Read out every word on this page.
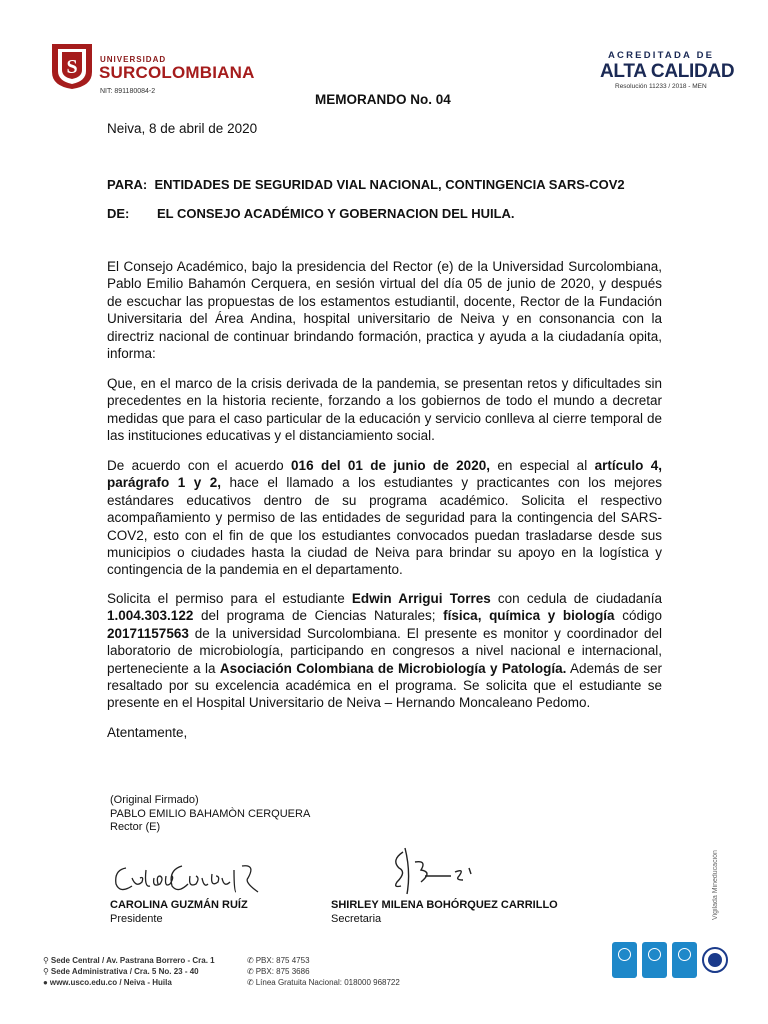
S	UNIVERSIDAD
SURCOLOMBIANA
NIT: 891180084-2
ACREDITADA DE
ALTA CALIDAD
Resolución 11233 / 2018 - MEN
MEMORANDO No. 04
Neiva, 8 de abril de 2020
PARA: ENTIDADES DE SEGURIDAD VIAL NACIONAL, CONTINGENCIA SARS-COV2
DE: EL CONSEJO ACADÉMICO Y GOBERNACION DEL HUILA.

El Consejo Académico, bajo la presidencia del Rector (e) de la Universidad Surcolombiana, Pablo Emilio Bahamón Cerquera, en sesión virtual del día 05 de junio de 2020, y después de escuchar las propuestas de los estamentos estudiantil, docente, Rector de la Fundación Universitaria del Área Andina, hospital universitario de Neiva y en consonancia con la directriz nacional de continuar brindando formación, practica y ayuda a la ciudadanía opita, informa:

Que, en el marco de la crisis derivada de la pandemia, se presentan retos y dificultades sin precedentes en la historia reciente, forzando a los gobiernos de todo el mundo a decretar medidas que para el caso particular de la educación y servicio conlleva al cierre temporal de las instituciones educativas y el distanciamiento social.

De acuerdo con el acuerdo 016 del 01 de junio de 2020, en especial al artículo 4, parágrafo 1 y 2, hace el llamado a los estudiantes y practicantes con los mejores estándares educativos dentro de su programa académico. Solicita el respectivo acompañamiento y permiso de las entidades de seguridad para la contingencia del SARS-COV2, esto con el fin de que los estudiantes convocados puedan trasladarse desde sus municipios o ciudades hasta la ciudad de Neiva para brindar su apoyo en la logística y contingencia de la pandemia en el departamento.

Solicita el permiso para el estudiante Edwin Arrigui Torres con cedula de ciudadanía 1.004.303.122 del programa de Ciencias Naturales; física, química y biología código 20171157563 de la universidad Surcolombiana. El presente es monitor y coordinador del laboratorio de microbiología, participando en congresos a nivel nacional e internacional, perteneciente a la Asociación Colombiana de Microbiología y Patología. Además de ser resaltado por su excelencia académica en el programa. Se solicita que el estudiante se presente en el Hospital Universitario de Neiva – Hernando Moncaleano Pedomo.

Atentamente,
(Original Firmado)
PABLO EMILIO BAHAMÒN CERQUERA
Rector (E)
CAROLINA GUZMÁN RUÍZ
Presidente
SHIRLEY MILENA BOHÓRQUEZ CARRILLO
Secretaria	Vigilada Mineducación
⚲ Sede Central / Av. Pastrana Borrero - Cra. 1
⚲ Sede Administrativa / Cra. 5 No. 23 - 40
● www.usco.edu.co / Neiva - Huila
✆ PBX: 875 4753
✆ PBX: 875 3686
✆ Línea Gratuita Nacional: 018000 968722
